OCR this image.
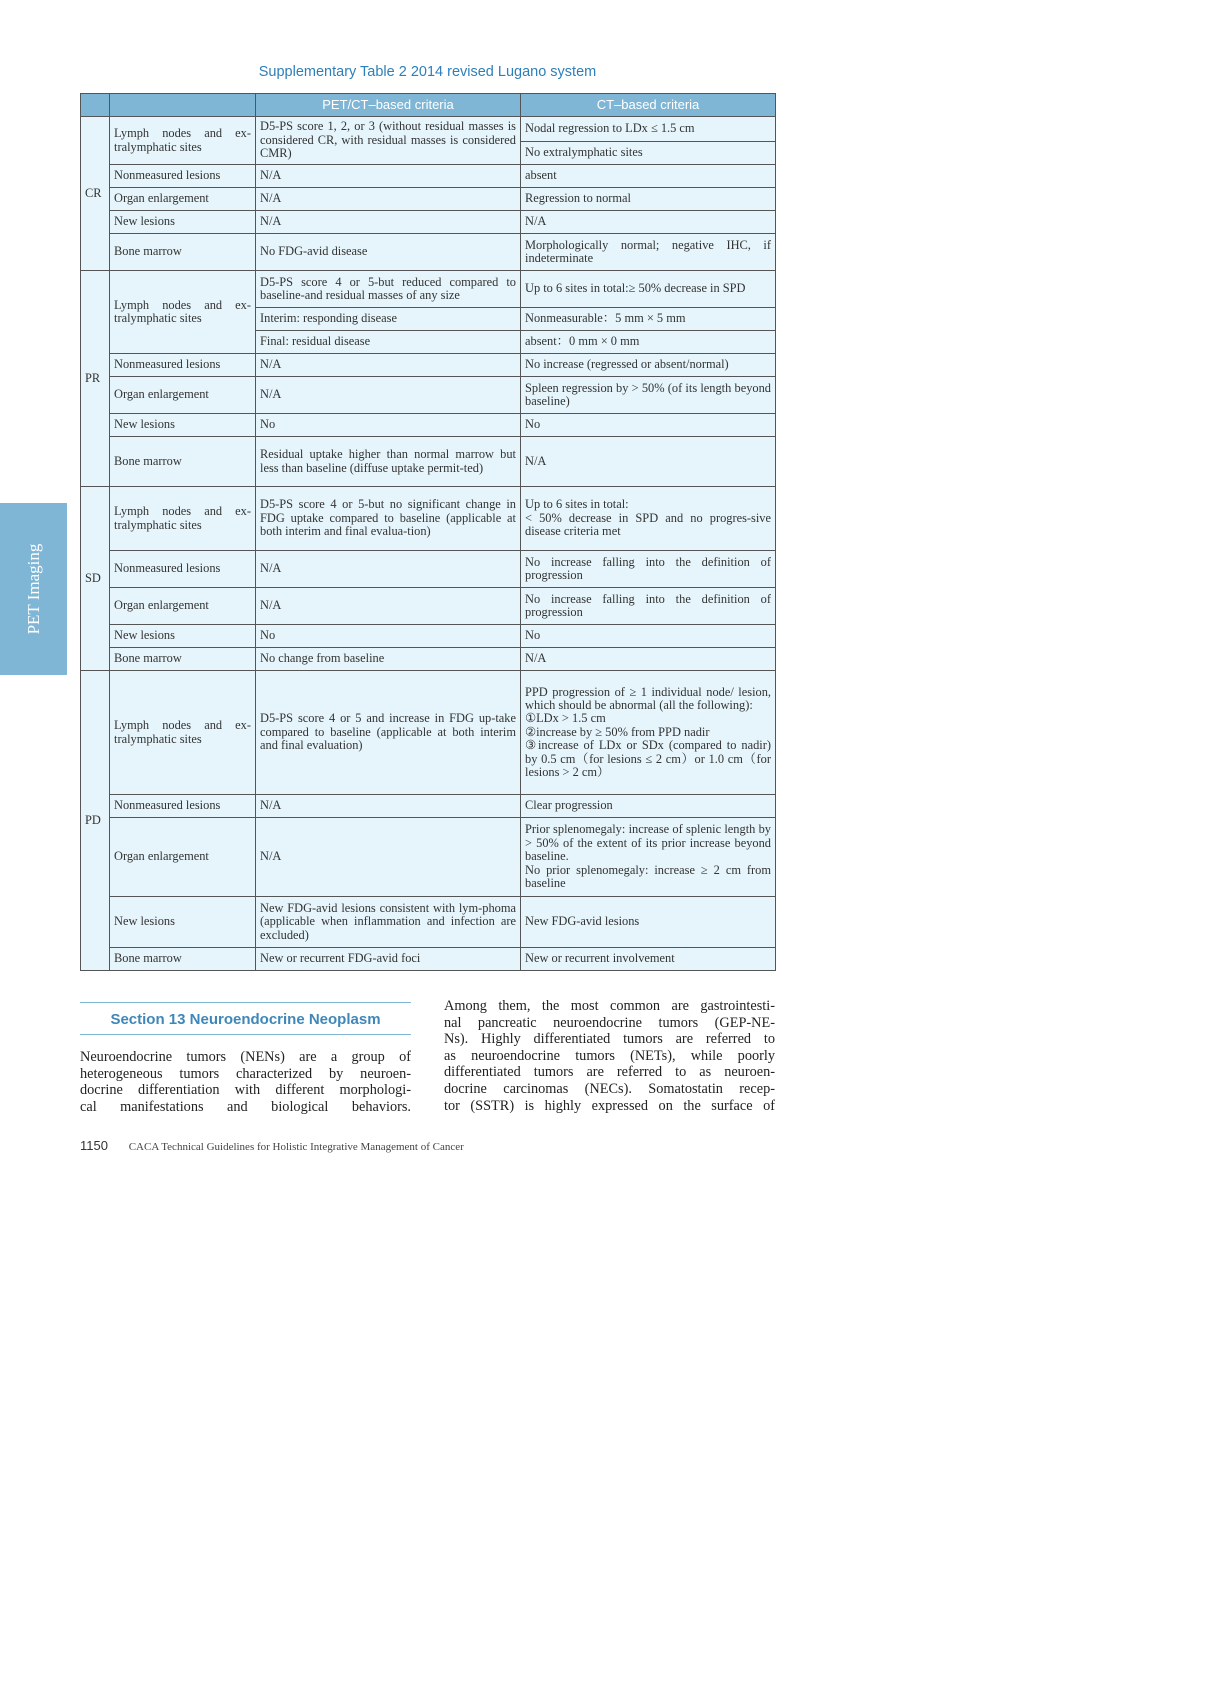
PET Imaging
Supplementary Table 2 2014 revised Lugano system
		PET/CT–based criteria	CT–based criteria
CR	Lymph nodes and ex-tralymphatic sites	D5-PS score 1, 2, or 3 (without residual masses is considered CR, with residual masses is considered CMR)	Nodal regression to LDx ≤ 1.5 cm
			No extralymphatic sites
	Nonmeasured lesions	N/A	absent
	Organ enlargement	N/A	Regression to normal
	New lesions	N/A	N/A
	Bone marrow	No FDG-avid disease	Morphologically normal; negative IHC, if indeterminate

PR	Lymph nodes and ex-tralymphatic sites	D5-PS score 4 or 5-but reduced compared to baseline-and residual masses of any size	Up to 6 sites in total:≥ 50% decrease in SPD
		Interim: responding disease	Nonmeasurable：5 mm × 5 mm
		Final: residual disease	absent：0 mm × 0 mm
	Nonmeasured lesions	N/A	No increase (regressed or absent/normal)
	Organ enlargement	N/A	Spleen regression by > 50% (of its length beyond baseline)
	New lesions	No	No
	Bone marrow	Residual uptake higher than normal marrow but less than baseline (diffuse uptake permit-ted)	N/A

SD	Lymph nodes and ex-tralymphatic sites	D5-PS score 4 or 5-but no significant change in FDG uptake compared to baseline (applicable at both interim and final evalua-tion)	Up to 6 sites in total:
< 50% decrease in SPD and no progres-sive disease criteria met

	Nonmeasured lesions	N/A	No increase falling into the definition of progression
	Organ enlargement	N/A	No increase falling into the definition of progression
	New lesions	No	No
	Bone marrow	No change from baseline	N/A
PD	Lymph nodes and ex-tralymphatic sites	D5-PS score 4 or 5 and increase in FDG up-take compared to baseline (applicable at both interim and final evaluation)	PPD progression of ≥ 1 individual node/ lesion, which should be abnormal (all the following):
①LDx > 1.5 cm
②increase by ≥ 50% from PPD nadir
③increase of LDx or SDx (compared to nadir) by 0.5 cm（for lesions ≤ 2 cm）or 1.0 cm（for lesions > 2 cm）

	Nonmeasured lesions	N/A	Clear progression
	Organ enlargement	N/A	Prior splenomegaly: increase of splenic length by > 50% of the extent of its prior increase beyond baseline.
No prior splenomegaly: increase ≥ 2 cm from baseline

	New lesions	New FDG-avid lesions consistent with lym-phoma (applicable when inflammation and infection are excluded)	New FDG-avid lesions
	Bone marrow	New or recurrent FDG-avid foci	New or recurrent involvement
Section 13 Neuroendocrine Neoplasm
Neuroendocrine tumors (NENs) are a group of
heterogeneous tumors characterized by neuroen-
docrine differentiation with different morphologi-
cal manifestations and biological behaviors.
Among them, the most common are gastrointesti-
nal pancreatic neuroendocrine tumors (GEP-NE-
Ns). Highly differentiated tumors are referred to
as neuroendocrine tumors (NETs), while poorly
differentiated tumors are referred to as neuroen-
docrine carcinomas (NECs). Somatostatin recep-
tor (SSTR) is highly expressed on the surface of
1150 CACA Technical Guidelines for Holistic Integrative Management of Cancer
